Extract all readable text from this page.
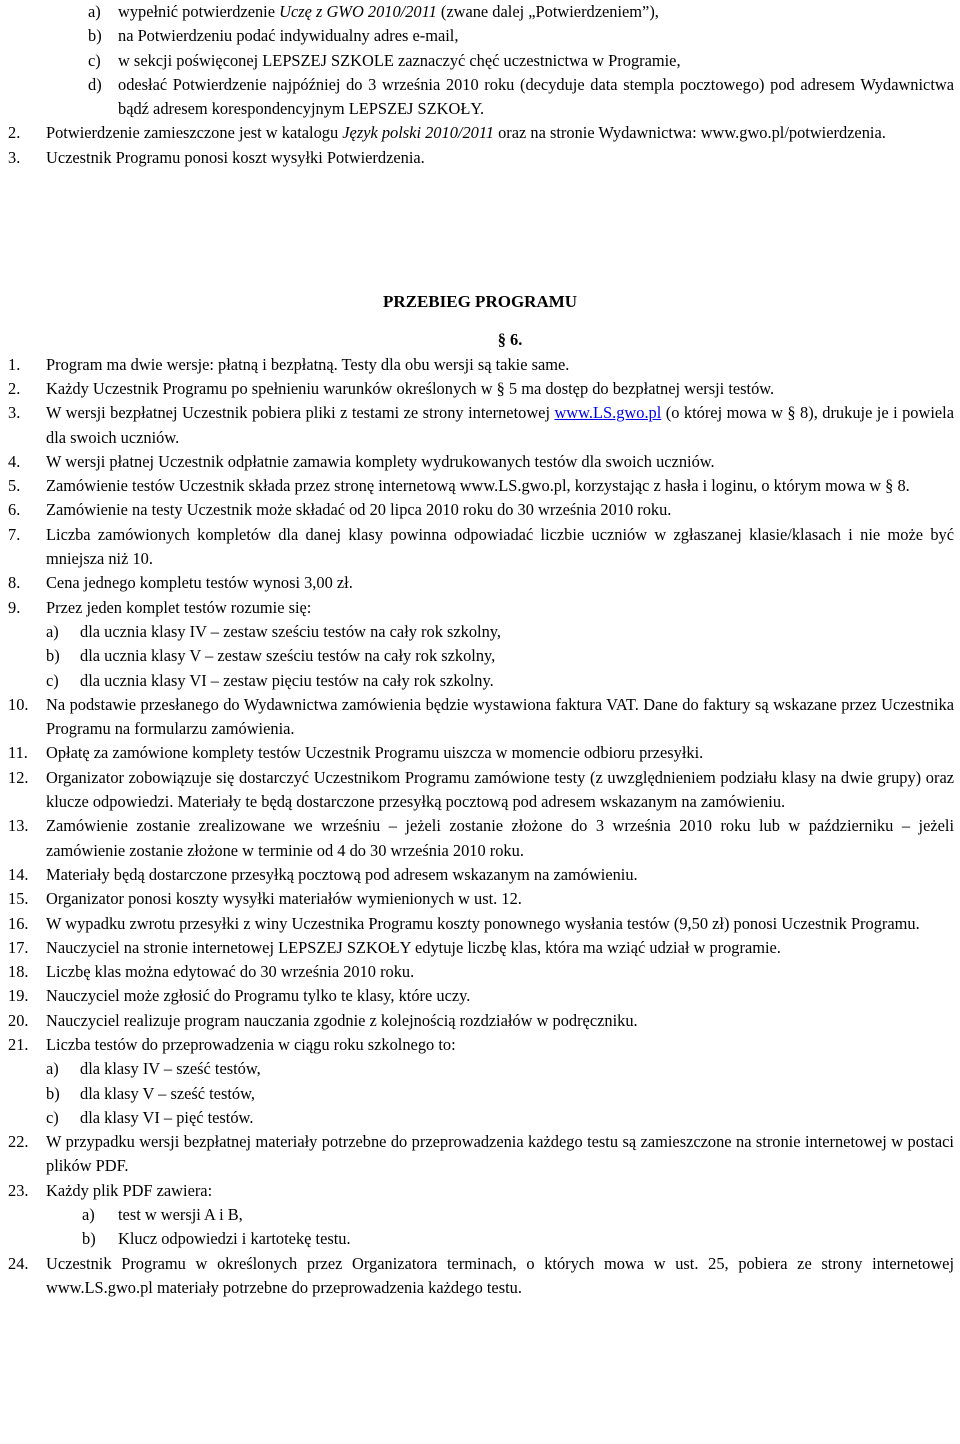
a) wypełnić potwierdzenie Uczę z GWO 2010/2011 (zwane dalej „Potwierdzeniem”),
b) na Potwierdzeniu podać indywidualny adres e-mail,
c) w sekcji poświęconej LEPSZEJ SZKOLE zaznaczyć chęć uczestnictwa w Programie,
d) odesłać Potwierdzenie najpóźniej do 3 września 2010 roku (decyduje data stempla pocztowego) pod adresem Wydawnictwa bądź adresem korespondencyjnym LEPSZEJ SZKOŁY.
2. Potwierdzenie zamieszczone jest w katalogu Język polski 2010/2011 oraz na stronie Wydawnictwa: www.gwo.pl/potwierdzenia.
3. Uczestnik Programu ponosi koszt wysyłki Potwierdzenia.
PRZEBIEG PROGRAMU
§ 6.
1. Program ma dwie wersje: płatną i bezpłatną. Testy dla obu wersji są takie same.
2. Każdy Uczestnik Programu po spełnieniu warunków określonych w § 5 ma dostęp do bezpłatnej wersji testów.
3. W wersji bezpłatnej Uczestnik pobiera pliki z testami ze strony internetowej www.LS.gwo.pl (o której mowa w § 8), drukuje je i powiela dla swoich uczniów.
4. W wersji płatnej Uczestnik odpłatnie zamawia komplety wydrukowanych testów dla swoich uczniów.
5. Zamówienie testów Uczestnik składa przez stronę internetową www.LS.gwo.pl, korzystając z hasła i loginu, o którym mowa w § 8.
6. Zamówienie na testy Uczestnik może składać od 20 lipca 2010 roku do 30 września 2010 roku.
7. Liczba zamówionych kompletów dla danej klasy powinna odpowiadać liczbie uczniów w zgłaszanej klasie/klasach i nie może być mniejsza niż 10.
8. Cena jednego kompletu testów wynosi 3,00 zł.
9. Przez jeden komplet testów rozumie się:
a) dla ucznia klasy IV – zestaw sześciu testów na cały rok szkolny,
b) dla ucznia klasy V – zestaw sześciu testów na cały rok szkolny,
c) dla ucznia klasy VI – zestaw pięciu testów na cały rok szkolny.
10. Na podstawie przesłanego do Wydawnictwa zamówienia będzie wystawiona faktura VAT. Dane do faktury są wskazane przez Uczestnika Programu na formularzu zamówienia.
11. Opłatę za zamówione komplety testów Uczestnik Programu uiszcza w momencie odbioru przesyłki.
12. Organizator zobowiązuje się dostarczyć Uczestnikom Programu zamówione testy (z uwzględnieniem podziału klasy na dwie grupy) oraz klucze odpowiedzi. Materiały te będą dostarczone przesyłką pocztową pod adresem wskazanym na zamówieniu.
13. Zamówienie zostanie zrealizowane we wrześniu – jeżeli zostanie złożone do 3 września 2010 roku lub w październiku – jeżeli zamówienie zostanie złożone w terminie od 4 do 30 września 2010 roku.
14. Materiały będą dostarczone przesyłką pocztową pod adresem wskazanym na zamówieniu.
15. Organizator ponosi koszty wysyłki materiałów wymienionych w ust. 12.
16. W wypadku zwrotu przesyłki z winy Uczestnika Programu koszty ponownego wysłania testów (9,50 zł) ponosi Uczestnik Programu.
17. Nauczyciel na stronie internetowej LEPSZEJ SZKOŁY edytuje liczbę klas, która ma wziąć udział w programie.
18. Liczbę klas można edytować do 30 września 2010 roku.
19. Nauczyciel może zgłosić do Programu tylko te klasy, które uczy.
20. Nauczyciel realizuje program nauczania zgodnie z kolejnością rozdziałów w podręczniku.
21. Liczba testów do przeprowadzenia w ciągu roku szkolnego to:
a) dla klasy IV – sześć testów,
b) dla klasy V – sześć testów,
c) dla klasy VI – pięć testów.
22. W przypadku wersji bezpłatnej materiały potrzebne do przeprowadzenia każdego testu są zamieszczone na stronie internetowej w postaci plików PDF.
23. Każdy plik PDF zawiera:
a) test w wersji A i B,
b) Klucz odpowiedzi i kartotekę testu.
24. Uczestnik Programu w określonych przez Organizatora terminach, o których mowa w ust. 25, pobiera ze strony internetowej www.LS.gwo.pl materiały potrzebne do przeprowadzenia każdego testu.
